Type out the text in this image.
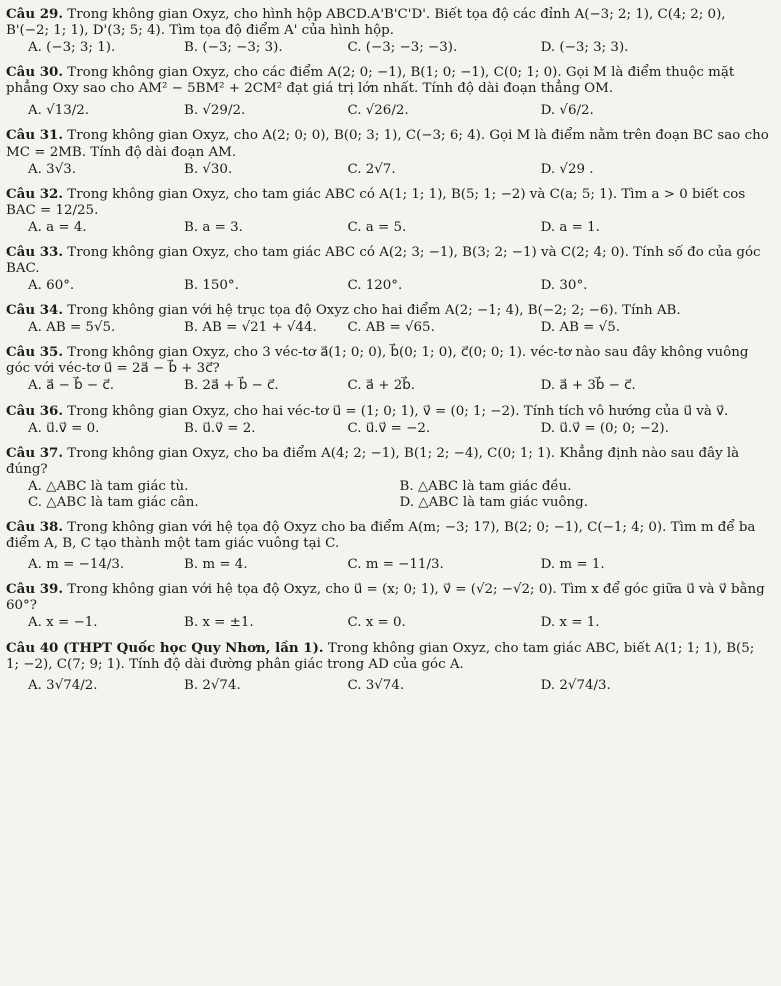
Câu 29. Trong không gian Oxyz, cho hình hộp ABCD.A'B'C'D'. Biết tọa độ các đỉnh A(−3; 2; 1), C(4; 2; 0), B'(−2; 1; 1), D'(3; 5; 4). Tìm tọa độ điểm A' của hình hộp.

A. (−3; 3; 1).	B. (−3; −3; 3).	C. (−3; −3; −3).	D. (−3; 3; 3).

Câu 30. Trong không gian Oxyz, cho các điểm A(2; 0; −1), B(1; 0; −1), C(0; 1; 0). Gọi M là điểm thuộc mặt phẳng Oxy sao cho AM² − 5BM² + 2CM² đạt giá trị lớn nhất. Tính độ dài đoạn thẳng OM.

A. √13/2.	B. √29/2.	C. √26/2.	D. √6/2.

Câu 31. Trong không gian Oxyz, cho A(2; 0; 0), B(0; 3; 1), C(−3; 6; 4). Gọi M là điểm nằm trên đoạn BC sao cho MC = 2MB. Tính độ dài đoạn AM.

A. 3√3.	B. √30.	C. 2√7.	D. √29 .

Câu 32. Trong không gian Oxyz, cho tam giác ABC có A(1; 1; 1), B(5; 1; −2) và C(a; 5; 1). Tìm a > 0 biết cos BAC = 12/25.

A. a = 4.	B. a = 3.	C. a = 5.	D. a = 1.

Câu 33. Trong không gian Oxyz, cho tam giác ABC có A(2; 3; −1), B(3; 2; −1) và C(2; 4; 0). Tính số đo của góc BAC.

A. 60°.	B. 150°.	C. 120°.	D. 30°.

Câu 34. Trong không gian với hệ trục tọa độ Oxyz cho hai điểm A(2; −1; 4), B(−2; 2; −6). Tính AB.

A. AB = 5√5.	B. AB = √21 + √44.	C. AB = √65.	D. AB = √5.

Câu 35. Trong không gian Oxyz, cho 3 véc-tơ a⃗(1; 0; 0), b⃗(0; 1; 0), c⃗(0; 0; 1). véc-tơ nào sau đây không vuông góc với véc-tơ u⃗ = 2a⃗ − b⃗ + 3c⃗?

A. a⃗ − b⃗ − c⃗.	B. 2a⃗ + b⃗ − c⃗.	C. a⃗ + 2b⃗.	D. a⃗ + 3b⃗ − c⃗.

Câu 36. Trong không gian Oxyz, cho hai véc-tơ u⃗ = (1; 0; 1), v⃗ = (0; 1; −2). Tính tích vô hướng của u⃗ và v⃗.

A. u⃗.v⃗ = 0.	B. u⃗.v⃗ = 2.	C. u⃗.v⃗ = −2.	D. u⃗.v⃗ = (0; 0; −2).

Câu 37. Trong không gian Oxyz, cho ba điểm A(4; 2; −1), B(1; 2; −4), C(0; 1; 1). Khẳng định nào sau đây là đúng?

A. △ABC là tam giác tù.	B. △ABC là tam giác đều.
C. △ABC là tam giác cân.	D. △ABC là tam giác vuông.

Câu 38. Trong không gian với hệ tọa độ Oxyz cho ba điểm A(m; −3; 17), B(2; 0; −1), C(−1; 4; 0). Tìm m để ba điểm A, B, C tạo thành một tam giác vuông tại C.

A. m = −14/3.	B. m = 4.	C. m = −11/3.	D. m = 1.

Câu 39. Trong không gian với hệ tọa độ Oxyz, cho u⃗ = (x; 0; 1), v⃗ = (√2; −√2; 0). Tìm x để góc giữa u⃗ và v⃗ bằng 60°?

A. x = −1.	B. x = ±1.	C. x = 0.	D. x = 1.

Câu 40 (THPT Quốc học Quy Nhơn, lần 1). Trong không gian Oxyz, cho tam giác ABC, biết A(1; 1; 1), B(5; 1; −2), C(7; 9; 1). Tính độ dài đường phân giác trong AD của góc A.

A. 3√74/2.	B. 2√74.	C. 3√74.	D. 2√74/3.
